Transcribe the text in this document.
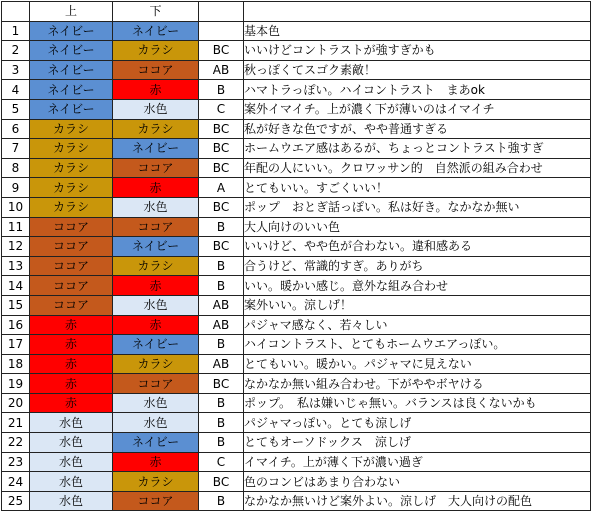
	上	下		
1	ネイビー	ネイビー		基本色
2	ネイビー	カラシ	BC	いいけどコントラストが強すぎかも
3	ネイビー	ココア	AB	秋っぽくてスゴク素敵！
4	ネイビー	赤	B	ハマトラっぽい。ハイコントラスト　まあok
5	ネイビー	水色	C	案外イマイチ。上が濃く下が薄いのはイマイチ
6	カラシ	カラシ	BC	私が好きな色ですが、やや普通すぎる
7	カラシ	ネイビー	BC	ホームウエア感はあるが、ちょっとコントラスト強すぎ
8	カラシ	ココア	BC	年配の人にいい。クロワッサン的　自然派の組み合わせ
9	カラシ	赤	A	とてもいい。すごくいい！
10	カラシ	水色	BC	ポップ　おとぎ話っぽい。私は好き。なかなか無い
11	ココア	ココア	B	大人向けのいい色
12	ココア	ネイビー	BC	いいけど、やや色が合わない。違和感ある
13	ココア	カラシ	B	合うけど、常識的すぎ。ありがち
14	ココア	赤	B	いい。暖かい感じ。意外な組み合わせ
15	ココア	水色	AB	案外いい。涼しげ！
16	赤	赤	AB	パジャマ感なく、若々しい
17	赤	ネイビー	B	ハイコントラスト、とてもホームウエアっぽい。
18	赤	カラシ	AB	とてもいい。暖かい。パジャマに見えない
19	赤	ココア	BC	なかなか無い組み合わせ。下がややボヤける
20	赤	水色	B	ポップ。　私は嫌いじゃ無い。バランスは良くないかも
21	水色	水色	B	パジャマっぽい。とても涼しげ
22	水色	ネイビー	B	とてもオーソドックス　涼しげ
23	水色	赤	C	イマイチ。上が薄く下が濃い過ぎ
24	水色	カラシ	BC	色のコンビはあまり合わない
25	水色	ココア	B	なかなか無いけど案外よい。涼しげ　大人向けの配色
